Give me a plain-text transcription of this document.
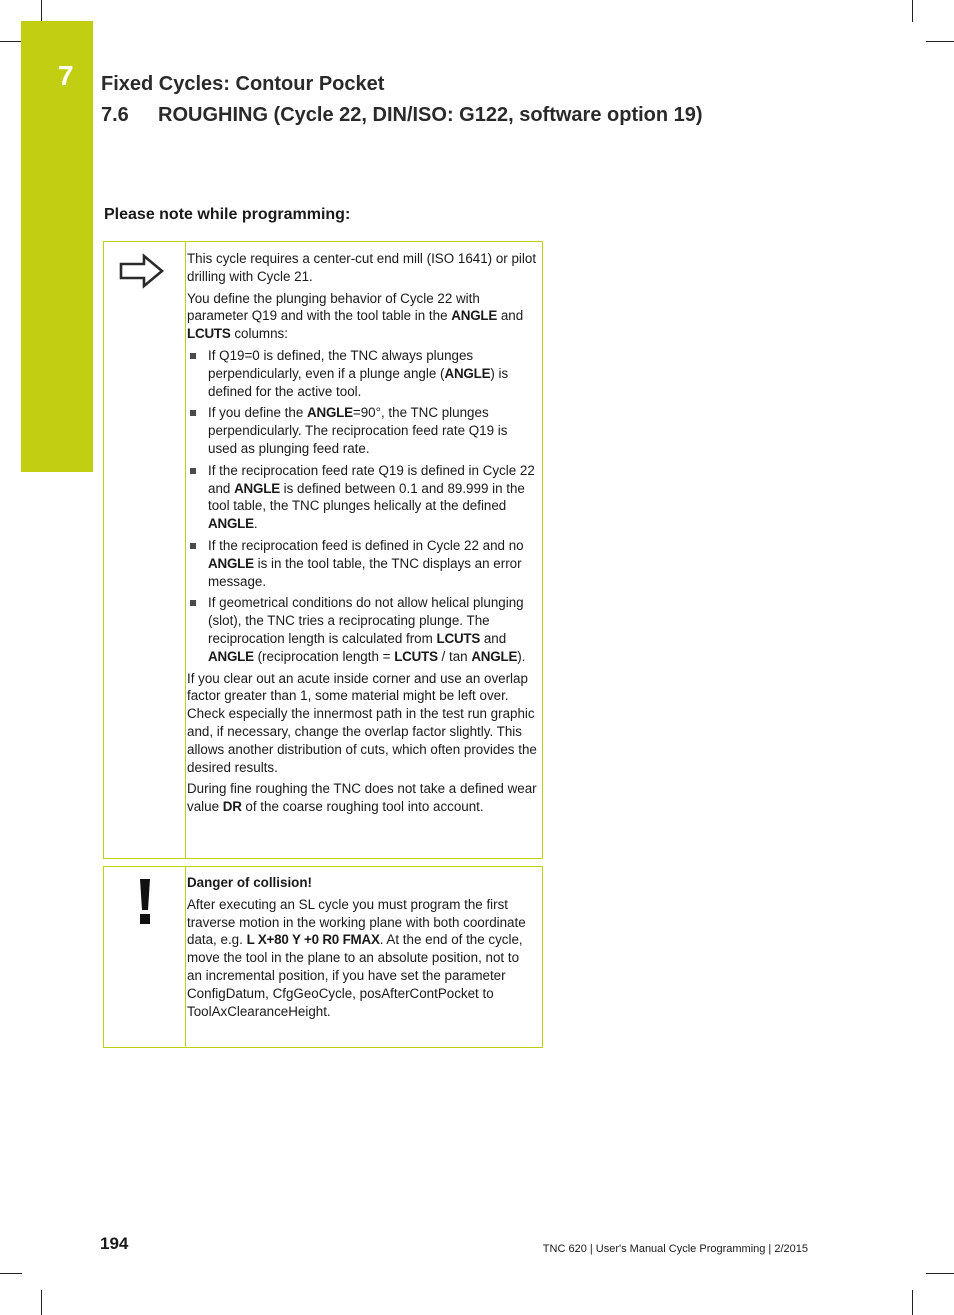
7 Fixed Cycles: Contour Pocket
7.6 ROUGHING (Cycle 22, DIN/ISO: G122, software option 19)
Please note while programming:

This cycle requires a center-cut end mill (ISO 1641) or pilot drilling with Cycle 21.

You define the plunging behavior of Cycle 22 with parameter Q19 and with the tool table in the ANGLE and LCUTS columns:

If Q19=0 is defined, the TNC always plunges perpendicularly, even if a plunge angle (ANGLE) is defined for the active tool.
If you define the ANGLE=90°, the TNC plunges perpendicularly. The reciprocation feed rate Q19 is used as plunging feed rate.
If the reciprocation feed rate Q19 is defined in Cycle 22 and ANGLE is defined between 0.1 and 89.999 in the tool table, the TNC plunges helically at the defined ANGLE.
If the reciprocation feed is defined in Cycle 22 and no ANGLE is in the tool table, the TNC displays an error message.
If geometrical conditions do not allow helical plunging (slot), the TNC tries a reciprocating plunge. The reciprocation length is calculated from LCUTS and ANGLE (reciprocation length = LCUTS / tan ANGLE).

If you clear out an acute inside corner and use an overlap factor greater than 1, some material might be left over. Check especially the innermost path in the test run graphic and, if necessary, change the overlap factor slightly. This allows another distribution of cuts, which often provides the desired results.

During fine roughing the TNC does not take a defined wear value DR of the coarse roughing tool into account.

Danger of collision!

After executing an SL cycle you must program the first traverse motion in the working plane with both coordinate data, e.g. L X+80 Y +0 R0 FMAX. At the end of the cycle, move the tool in the plane to an absolute position, not to an incremental position, if you have set the parameter ConfigDatum, CfgGeoCycle, posAfterContPocket to ToolAxClearanceHeight.

194	TNC 620 | User's Manual Cycle Programming | 2/2015
